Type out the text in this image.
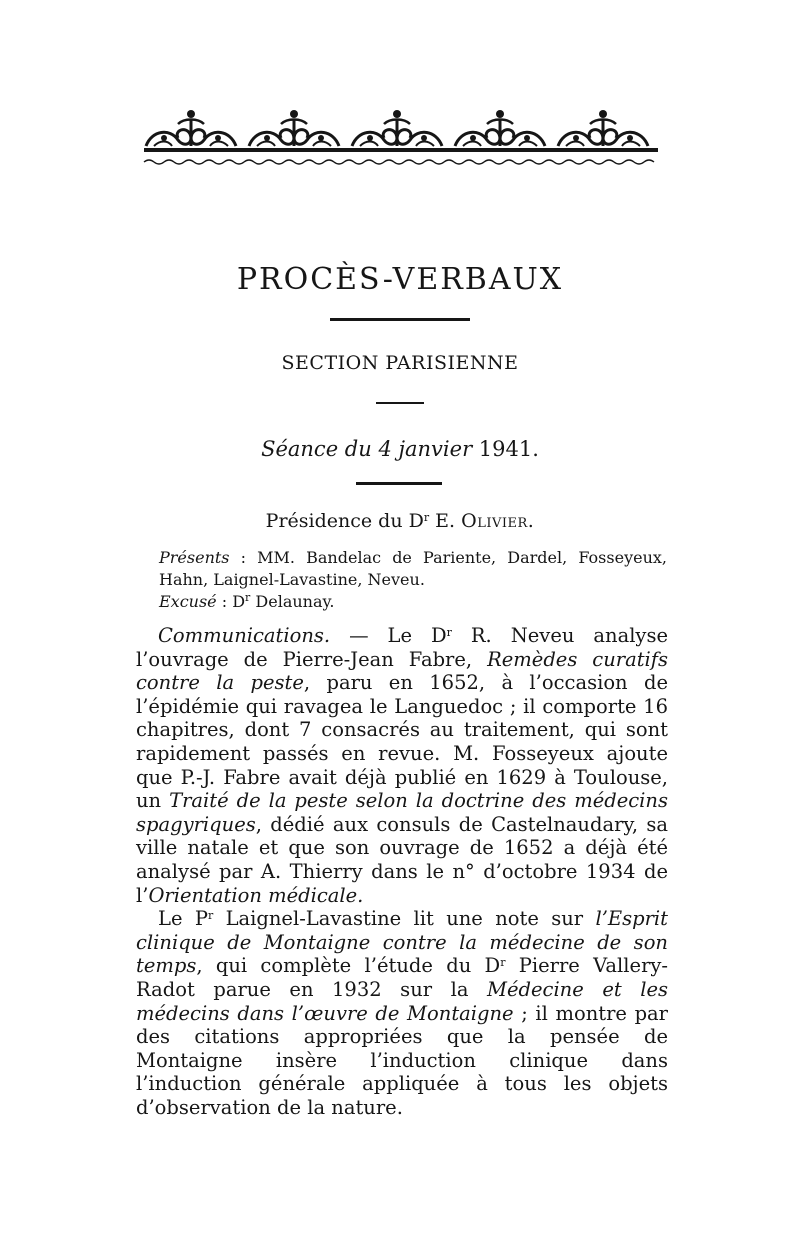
PROCÈS-VERBAUX
SECTION PARISIENNE
Séance du 4 janvier 1941.
Présidence du $D^r$ E. Olivier.

Présents : MM. Bandelac de Pariente, Dardel, Fosseyeux, Hahn, Laignel-Lavastine, Neveu.

Excusé : $D^r$ Delaunay.

Communications. — Le $D^r$ R. Neveu analyse l’ouvrage de Pierre-Jean Fabre, Remèdes curatifs contre la peste, paru en 1652, à l’occasion de l’épidémie qui ravagea le Languedoc ; il comporte 16 chapitres, dont 7 consacrés au traitement, qui sont rapidement passés en revue. M. Fosseyeux ajoute que P.-J. Fabre avait déjà publié en 1629 à Toulouse, un Traité de la peste selon la doctrine des médecins spagyriques, dédié aux consuls de Castelnaudary, sa ville natale et que son ouvrage de 1652 a déjà été analysé par A. Thierry dans le n° d’octobre 1934 de l’Orientation médicale.

Le $P^r$ Laignel-Lavastine lit une note sur l’Esprit clinique de Montaigne contre la médecine de son temps, qui complète l’étude du $D^r$ Pierre Vallery-Radot parue en 1932 sur la Médecine et les médecins dans l’œuvre de Montaigne ; il montre par des citations appropriées que la pensée de Montaigne insère l’induction clinique dans l’induction générale appliquée à tous les objets d’observation de la nature.
